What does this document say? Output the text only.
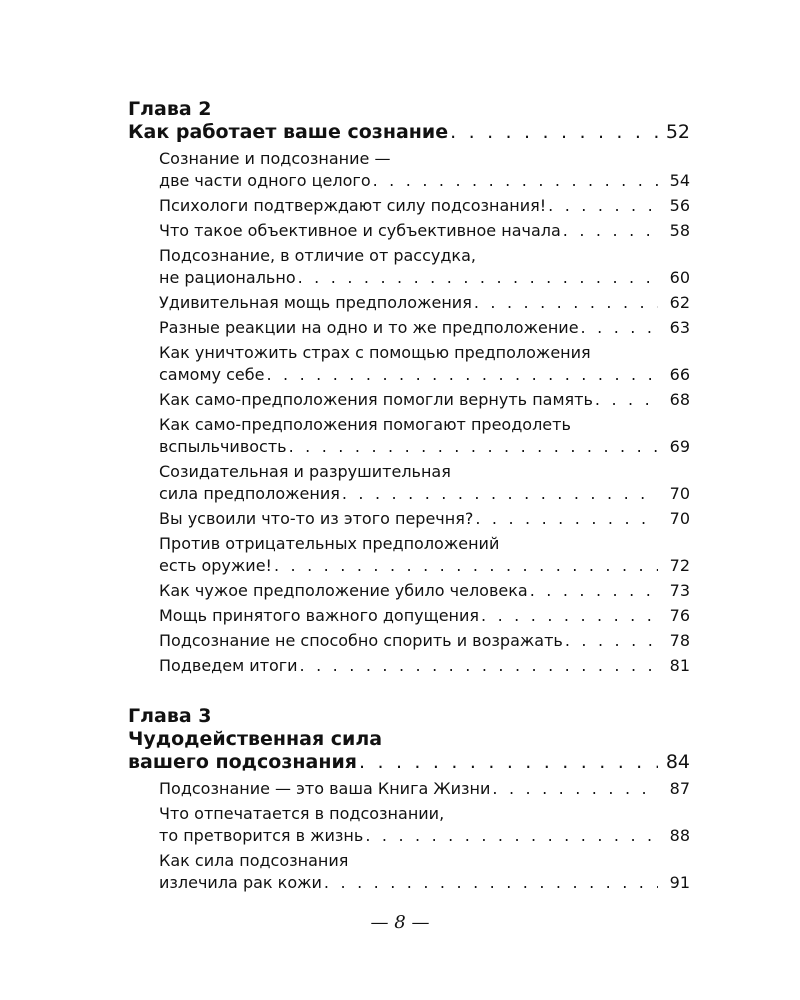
Глава 2
Как работает ваше сознание . . .	52
Сознание и подсознание —
две части одного целого . . .	54
Психологи подтверждают силу подсознания! . . .	56
Что такое объективное и субъективное начала . . .	58
Подсознание, в отличие от рассудка,
не рационально . . .	60
Удивительная мощь предположения . . .	62
Разные реакции на одно и то же предположение . . .	63
Как уничтожить страх с помощью предположения
самому себе . . .	66
Как само-предположения помогли вернуть память . . .	68
Как само-предположения помогают преодолеть
вспыльчивость . . .	69
Созидательная и разрушительная
сила предположения . . .	70
Вы усвоили что-то из этого перечня? . . .	70
Против отрицательных предположений
есть оружие! . . .	72
Как чужое предположение убило человека . . .	73
Мощь принятого важного допущения . . .	76
Подсознание не способно спорить и возражать . . .	78
Подведем итоги . . .	81
Глава 3
Чудодейственная сила
вашего подсознания . . .	84
Подсознание — это ваша Книга Жизни . . .	87
Что отпечатается в подсознании,
то претворится в жизнь . . .	88
Как сила подсознания
излечила рак кожи . . .	91
— 8 —
